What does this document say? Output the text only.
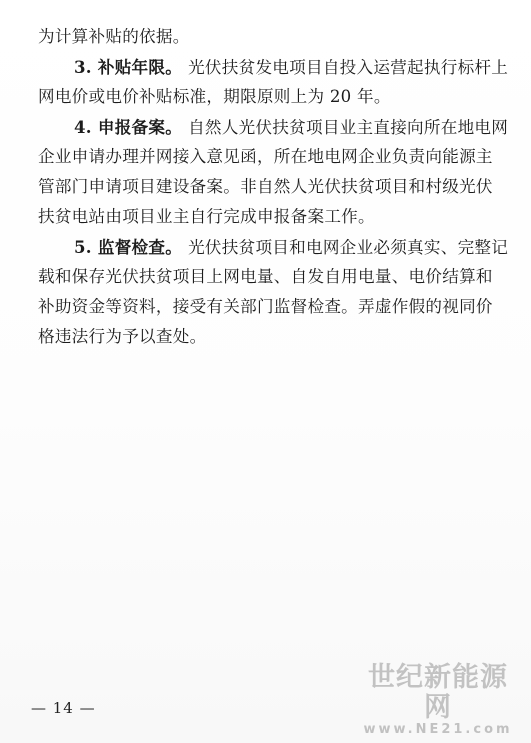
为计算补贴的依据。
3. 补贴年限。 光伏扶贫发电项目自投入运营起执行标杆上
网电价或电价补贴标准，期限原则上为 20 年。
4. 申报备案。 自然人光伏扶贫项目业主直接向所在地电网
企业申请办理并网接入意见函，所在地电网企业负责向能源主
管部门申请项目建设备案。非自然人光伏扶贫项目和村级光伏
扶贫电站由项目业主自行完成申报备案工作。
5. 监督检查。 光伏扶贫项目和电网企业必须真实、完整记
载和保存光伏扶贫项目上网电量、自发自用电量、电价结算和
补助资金等资料，接受有关部门监督检查。弄虚作假的视同价
格违法行为予以查处。
— 14 —
世纪新能源网
www.NE21.com
